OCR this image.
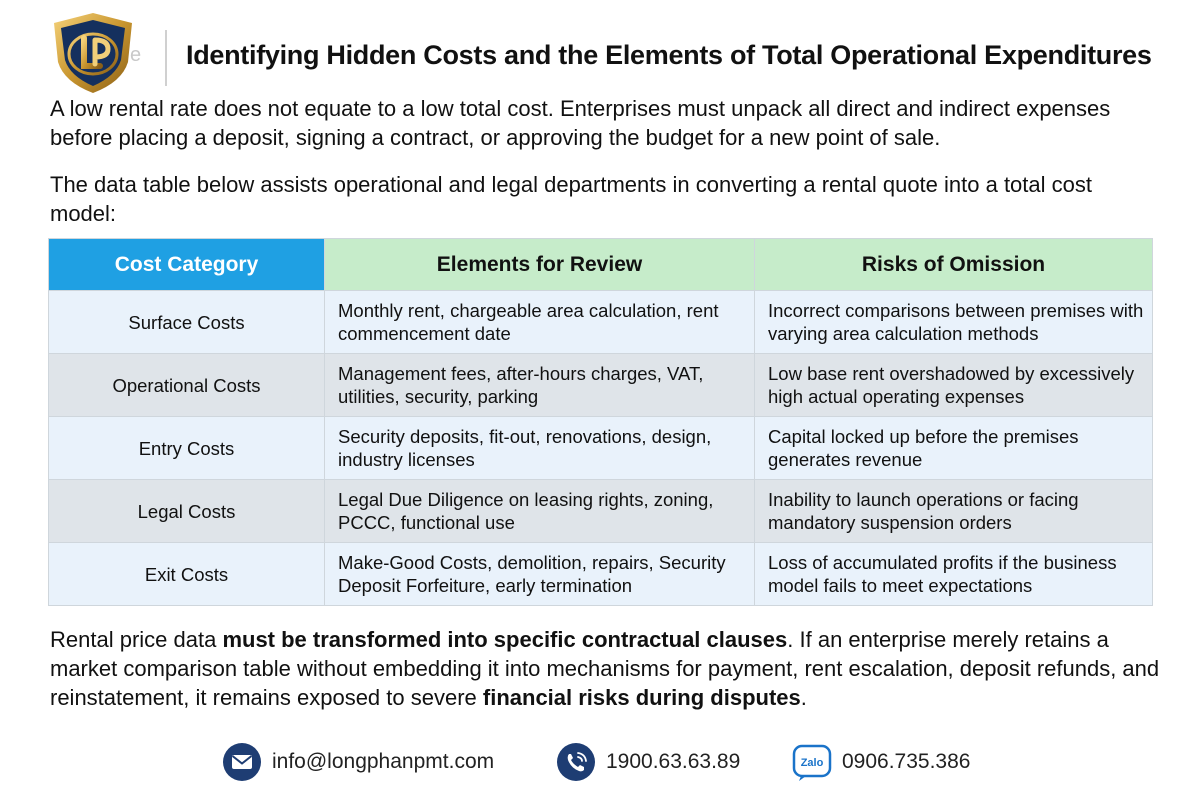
e Identifying Hidden Costs and the Elements of Total Operational Expenditures

A low rental rate does not equate to a low total cost. Enterprises must unpack all direct and indirect expenses before placing a deposit, signing a contract, or approving the budget for a new point of sale.

The data table below assists operational and legal departments in converting a rental quote into a total cost model:

Cost Category	Elements for Review	Risks of Omission
Surface Costs	Monthly rent, chargeable area calculation, rent commencement date	Incorrect comparisons between premises with varying area calculation methods
Operational Costs	Management fees, after-hours charges, VAT, utilities, security, parking	Low base rent overshadowed by excessively high actual operating expenses
Entry Costs	Security deposits, fit-out, renovations, design, industry licenses	Capital locked up before the premises generates revenue
Legal Costs	Legal Due Diligence on leasing rights, zoning, PCCC, functional use	Inability to launch operations or facing mandatory suspension orders
Exit Costs	Make-Good Costs, demolition, repairs, Security Deposit Forfeiture, early termination	Loss of accumulated profits if the business model fails to meet expectations

Rental price data must be transformed into specific contractual clauses. If an enterprise merely retains a market comparison table without embedding it into mechanisms for payment, rent escalation, deposit refunds, and reinstatement, it remains exposed to severe financial risks during disputes.

info@longphanpmt.com	1900.63.63.89	Zalo 0906.735.386
